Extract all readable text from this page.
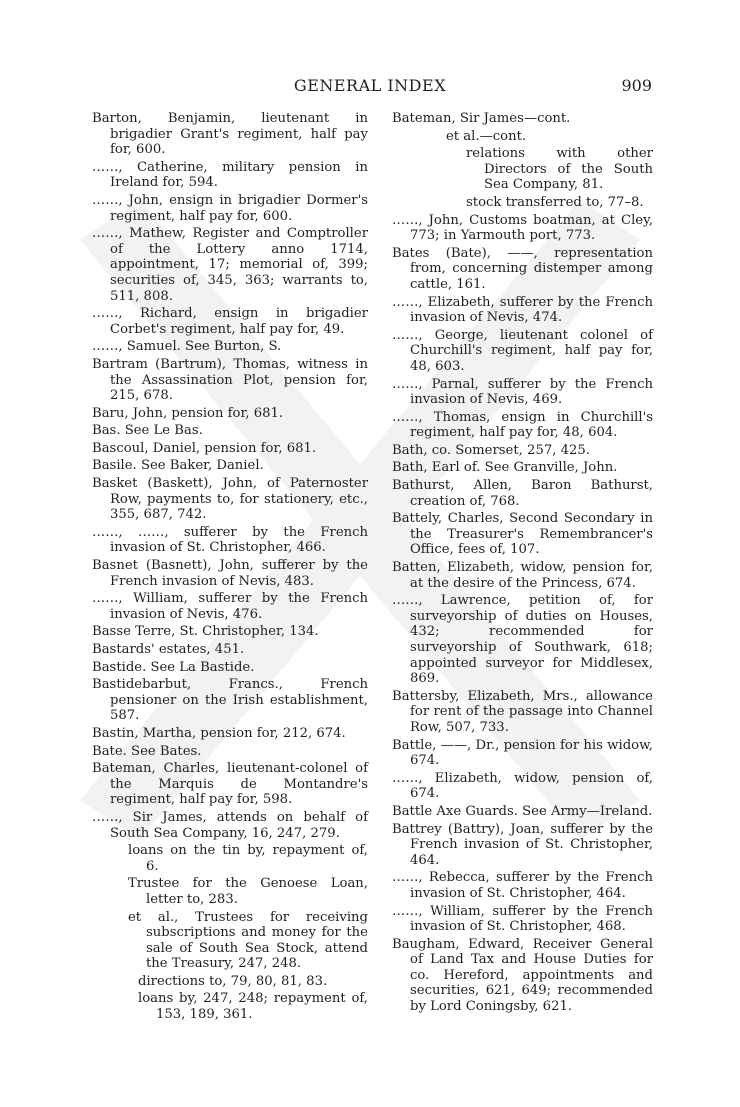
GENERAL INDEX	909

Barton, Benjamin, lieutenant in brigadier Grant's regiment, half pay for, 600.

……, Catherine, military pension in Ireland for, 594.

……, John, ensign in brigadier Dormer's regiment, half pay for, 600.

……, Mathew, Register and Comptroller of the Lottery anno 1714, appointment, 17; memorial of, 399; securities of, 345, 363; warrants to, 511, 808.

……, Richard, ensign in brigadier Corbet's regiment, half pay for, 49.

……, Samuel. See Burton, S.

Bartram (Bartrum), Thomas, witness in the Assassination Plot, pension for, 215, 678.

Baru, John, pension for, 681.

Bas. See Le Bas.

Bascoul, Daniel, pension for, 681.

Basile. See Baker, Daniel.

Basket (Baskett), John, of Paternoster Row, payments to, for stationery, etc., 355, 687, 742.

……, ……, sufferer by the French invasion of St. Christopher, 466.

Basnet (Basnett), John, sufferer by the French invasion of Nevis, 483.

……, William, sufferer by the French invasion of Nevis, 476.

Basse Terre, St. Christopher, 134.

Bastards' estates, 451.

Bastide. See La Bastide.

Bastidebarbut, Francs., French pensioner on the Irish establishment, 587.

Bastin, Martha, pension for, 212, 674.

Bate. See Bates.

Bateman, Charles, lieutenant-colonel of the Marquis de Montandre's regiment, half pay for, 598.

……, Sir James, attends on behalf of South Sea Company, 16, 247, 279.

loans on the tin by, repayment of, 6.

Trustee for the Genoese Loan, letter to, 283.

et al., Trustees for receiving subscriptions and money for the sale of South Sea Stock, attend the Treasury, 247, 248.

directions to, 79, 80, 81, 83.

loans by, 247, 248; repayment of, 153, 189, 361.

Bateman, Sir James—cont.

et al.—cont.

relations with other Directors of the South Sea Company, 81.

stock transferred to, 77–8.

……, John, Customs boatman, at Cley, 773; in Yarmouth port, 773.

Bates (Bate), ——, representation from, concerning distemper among cattle, 161.

……, Elizabeth, sufferer by the French invasion of Nevis, 474.

……, George, lieutenant colonel of Churchill's regiment, half pay for, 48, 603.

……, Parnal, sufferer by the French invasion of Nevis, 469.

……, Thomas, ensign in Churchill's regiment, half pay for, 48, 604.

Bath, co. Somerset, 257, 425.

Bath, Earl of. See Granville, John.

Bathurst, Allen, Baron Bathurst, creation of, 768.

Battely, Charles, Second Secondary in the Treasurer's Remembrancer's Office, fees of, 107.

Batten, Elizabeth, widow, pension for, at the desire of the Princess, 674.

……, Lawrence, petition of, for surveyorship of duties on Houses, 432; recommended for surveyorship of Southwark, 618; appointed surveyor for Middlesex, 869.

Battersby, Elizabeth, Mrs., allowance for rent of the passage into Channel Row, 507, 733.

Battle, ——, Dr., pension for his widow, 674.

……, Elizabeth, widow, pension of, 674.

Battle Axe Guards. See Army—Ireland.

Battrey (Battry), Joan, sufferer by the French invasion of St. Christopher, 464.

……, Rebecca, sufferer by the French invasion of St. Christopher, 464.

……, William, sufferer by the French invasion of St. Christopher, 468.

Baugham, Edward, Receiver General of Land Tax and House Duties for co. Hereford, appointments and securities, 621, 649; recommended by Lord Coningsby, 621.
